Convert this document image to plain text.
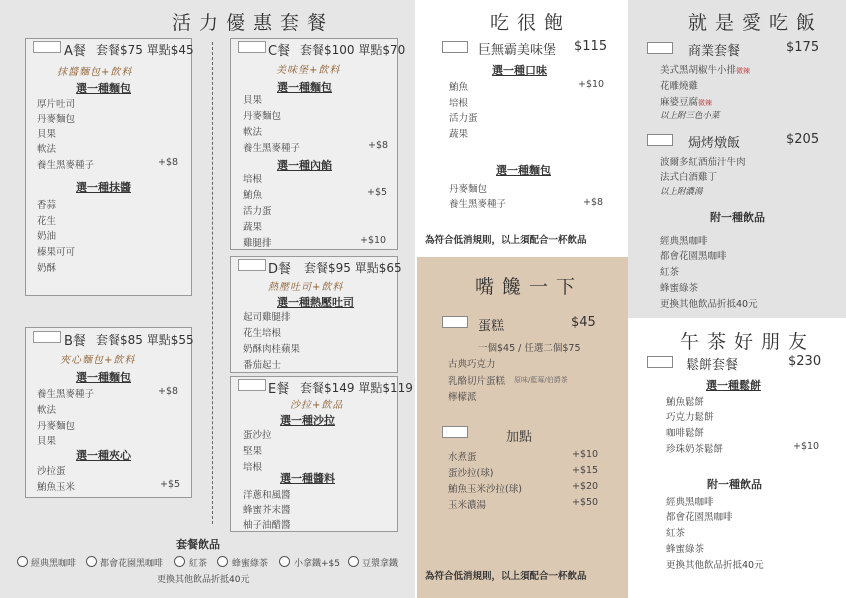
活力優惠套餐
A餐 套餐$75 單點$45
抹醬麵包+飲料
選一種麵包
厚片吐司
丹麥麵包
貝果
軟法
養生黑麥種子	+$8
選一種抹醬
香蒜
花生
奶油
榛果可可
奶酥
B餐 套餐$85 單點$55
夾心麵包+飲料
選一種麵包
養生黑麥種子	+$8
軟法
丹麥麵包
貝果
選一種夾心
沙拉蛋
鮪魚玉米	+$5
C餐 套餐$100 單點$70
美味堡+飲料
選一種麵包
貝果
丹麥麵包
軟法
養生黑麥種子	+$8
選一種內餡
培根
鮪魚	+$5
活力蛋
蔬果
雞腿排	+$10
D餐 套餐$95 單點$65
熱壓吐司+飲料
選一種熱壓吐司
起司雞腿排
花生培根
奶酥肉桂蘋果
番茄起士
E餐 套餐$149 單點$119
沙拉+飲品
選一種沙拉
蛋沙拉
堅果
培根
選一種醬料
洋蔥和風醬
蜂蜜芥末醬
柚子油醋醬
套餐飲品
經典黑咖啡	都會花園黑咖啡	紅茶	蜂蜜綠茶	小拿鐵+$5 豆漿拿鐵
更換其他飲品折抵40元
吃很飽
巨無霸美味堡 $115
選一種口味
鮪魚	+$10
培根
活力蛋
蔬果
選一種麵包
丹麥麵包
養生黑麥種子	+$8
為符合低消規則，以上須配合一杯飲品
嘴饞一下
蛋糕	$45
一個$45 / 任選二個$75
古典巧克力
乳酪切片蛋糕 原味/藍莓/伯爵茶
檸檬派
加點
水煮蛋	+$10
蛋沙拉(球)	+$15
鮪魚玉米沙拉(球)	+$20
玉米濃湯	+$50
為符合低消規則，以上須配合一杯飲品
就是愛吃飯
商業套餐	$175
美式黑胡椒牛小排微辣
花雕燒雞
麻婆豆腐微辣
以上附三色小菜
焗烤燉飯	$205
波爾多紅酒茄汁牛肉
法式白酒雞丁
以上附濃湯
附一種飲品
經典黑咖啡
都會花園黑咖啡
紅茶
蜂蜜綠茶
更換其他飲品折抵40元
午茶好朋友
鬆餅套餐	$230
選一種鬆餅
鮪魚鬆餅
巧克力鬆餅
咖啡鬆餅
珍珠奶茶鬆餅	+$10
附一種飲品
經典黑咖啡
都會花園黑咖啡
紅茶
蜂蜜綠茶
更換其他飲品折抵40元
